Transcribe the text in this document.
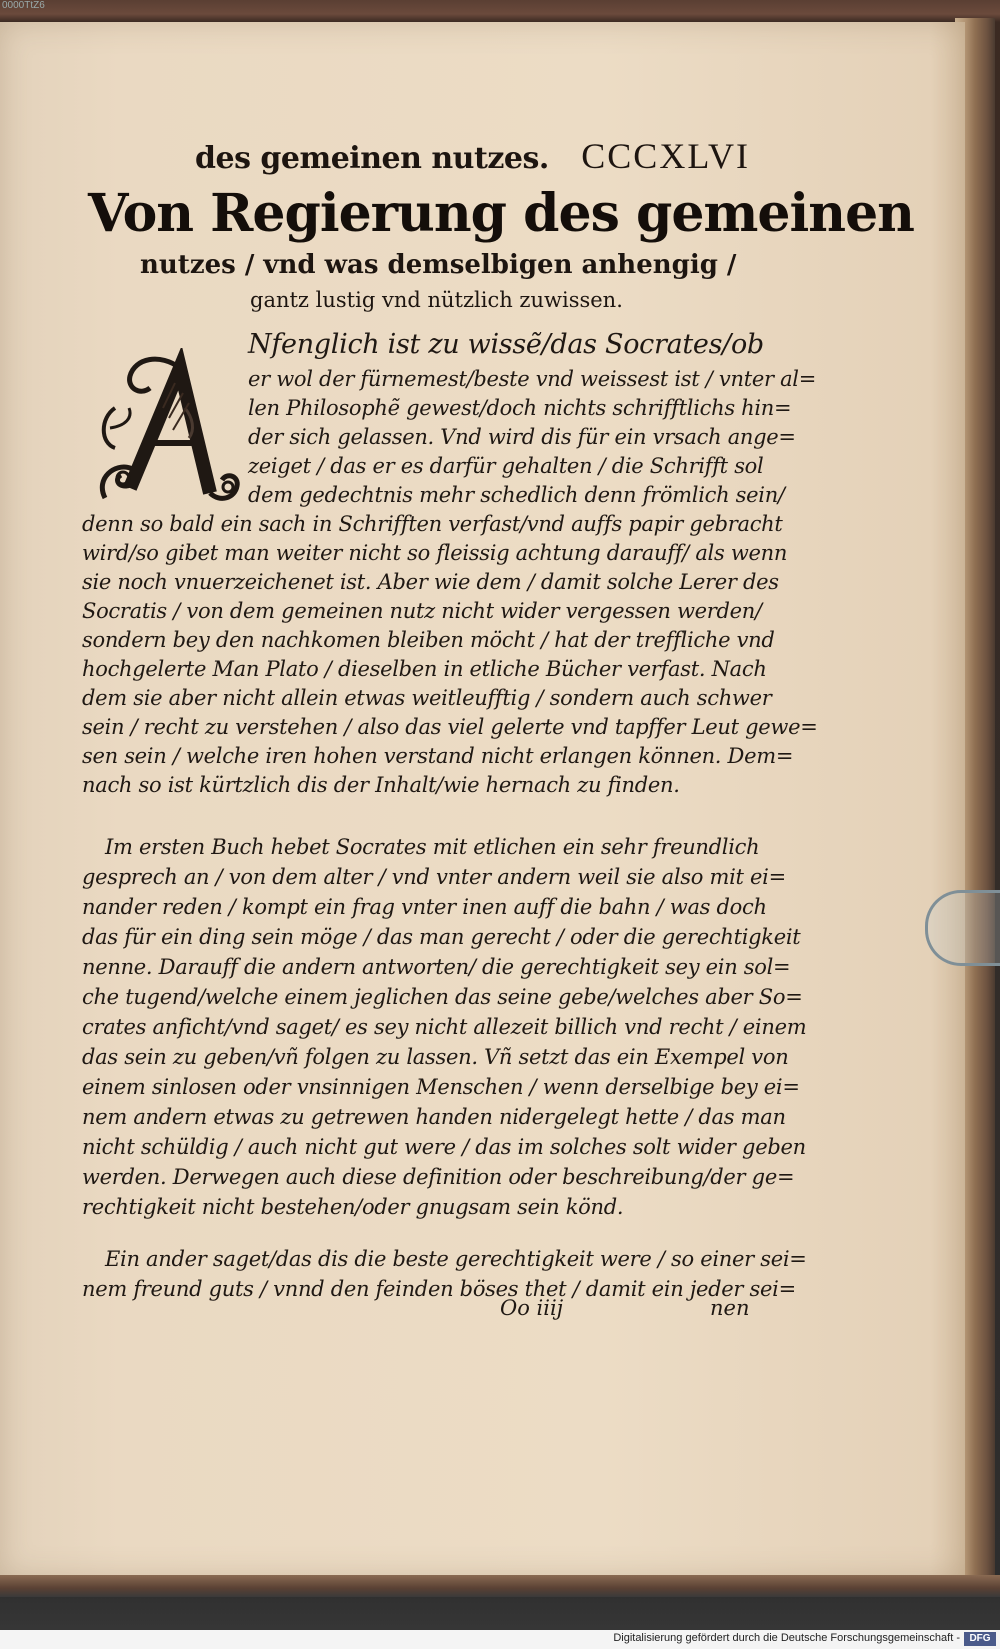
0000TtZ6
des gemeinen nutzes. CCCXLVI
Von Regierung des gemeinen
nutzes / vnd was demselbigen anhengig /
gantz lustig vnd nützlich zuwissen.
Nfenglich ist zu wissẽ/das Socrates/ob
er wol der fürnemest/beste vnd weissest ist / vnter al=
len Philosophẽ gewest/doch nichts schrifftlichs hin=
der sich gelassen. Vnd wird dis für ein vrsach ange=
zeiget / das er es darfür gehalten / die Schrifft sol
dem gedechtnis mehr schedlich denn frömlich sein/
denn so bald ein sach in Schrifften verfast/vnd auffs papir gebracht
wird/so gibet man weiter nicht so fleissig achtung darauff/ als wenn
sie noch vnuerzeichenet ist. Aber wie dem / damit solche Lerer des
Socratis / von dem gemeinen nutz nicht wider vergessen werden/
sondern bey den nachkomen bleiben möcht / hat der treffliche vnd
hochgelerte Man Plato / dieselben in etliche Bücher verfast. Nach
dem sie aber nicht allein etwas weitleufftig / sondern auch schwer
sein / recht zu verstehen / also das viel gelerte vnd tapffer Leut gewe=
sen sein / welche iren hohen verstand nicht erlangen können. Dem=
nach so ist kürtzlich dis der Inhalt/wie hernach zu finden.
Im ersten Buch hebet Socrates mit etlichen ein sehr freundlich
gesprech an / von dem alter / vnd vnter andern weil sie also mit ei=
nander reden / kompt ein frag vnter inen auff die bahn / was doch
das für ein ding sein möge / das man gerecht / oder die gerechtigkeit
nenne. Darauff die andern antworten/ die gerechtigkeit sey ein sol=
che tugend/welche einem jeglichen das seine gebe/welches aber So=
crates anficht/vnd saget/ es sey nicht allezeit billich vnd recht / einem
das sein zu geben/vñ folgen zu lassen. Vñ setzt das ein Exempel von
einem sinlosen oder vnsinnigen Menschen / wenn derselbige bey ei=
nem andern etwas zu getrewen handen nidergelegt hette / das man
nicht schüldig / auch nicht gut were / das im solches solt wider geben
werden. Derwegen auch diese definition oder beschreibung/der ge=
rechtigkeit nicht bestehen/oder gnugsam sein könd.
Ein ander saget/das dis die beste gerechtigkeit were / so einer sei=
nem freund guts / vnnd den feinden böses thet / damit ein jeder sei=
Oo iiij	nen
Digitalisierung gefördert durch die Deutsche Forschungsgemeinschaft - DFG
